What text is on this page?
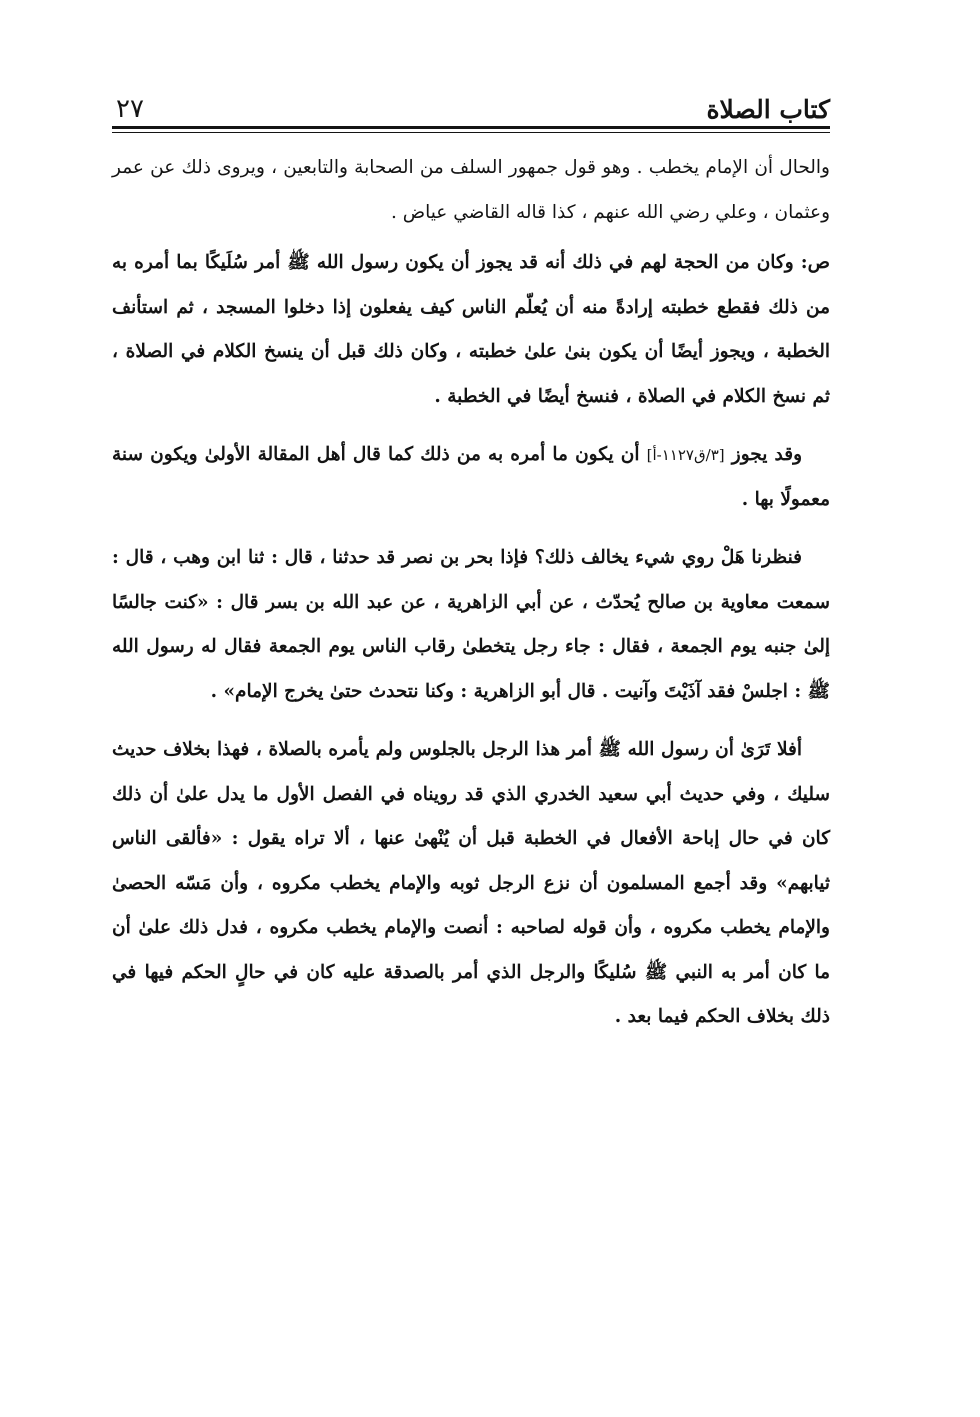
كتاب الصلاة
٢٧

والحال أن الإمام يخطب . وهو قول جمهور السلف من الصحابة والتابعين ، ويروى ذلك عن عمر وعثمان ، وعلي رضي الله عنهم ، كذا قاله القاضي عياض .

ص: وكان من الحجة لهم في ذلك أنه قد يجوز أن يكون رسول الله ﷺ أمر سُلَيكًا بما أمره به من ذلك فقطع خطبته إرادةً منه أن يُعلّم الناس كيف يفعلون إذا دخلوا المسجد ، ثم استأنف الخطبة ، ويجوز أيضًا أن يكون بنىٰ علىٰ خطبته ، وكان ذلك قبل أن ينسخ الكلام في الصلاة ، ثم نسخ الكلام في الصلاة ، فنسخ أيضًا في الخطبة .

وقد يجوز [٣/ق١١٢٧-أ] أن يكون ما أمره به من ذلك كما قال أهل المقالة الأولىٰ ويكون سنة معمولًا بها .

فنظرنا هَلْ روي شيء يخالف ذلك؟ فإذا بحر بن نصر قد حدثنا ، قال : ثنا ابن وهب ، قال : سمعت معاوية بن صالح يُحدّث ، عن أبي الزاهرية ، عن عبد الله بن بسر قال : «كنت جالسًا إلىٰ جنبه يوم الجمعة ، فقال : جاء رجل يتخطىٰ رقاب الناس يوم الجمعة فقال له رسول الله ﷺ : اجلسْ فقد آذَيْتَ وآنيت . قال أبو الزاهرية : وكنا نتحدث حتىٰ يخرج الإمام» .

أفلا تَرَىٰ أن رسول الله ﷺ أمر هذا الرجل بالجلوس ولم يأمره بالصلاة ، فهذا بخلاف حديث سليك ، وفي حديث أبي سعيد الخدري الذي قد رويناه في الفصل الأول ما يدل علىٰ أن ذلك كان في حال إباحة الأفعال في الخطبة قبل أن يُنْهىٰ عنها ، ألا تراه يقول : «فألقى الناس ثيابهم» وقد أجمع المسلمون أن نزع الرجل ثوبه والإمام يخطب مكروه ، وأن مَسّه الحصىٰ والإمام يخطب مكروه ، وأن قوله لصاحبه : أنصت والإمام يخطب مكروه ، فدل ذلك علىٰ أن ما كان أمر به النبي ﷺ سُليكًا والرجل الذي أمر بالصدقة عليه كان في حالٍ الحكم فيها في ذلك بخلاف الحكم فيما بعد .
